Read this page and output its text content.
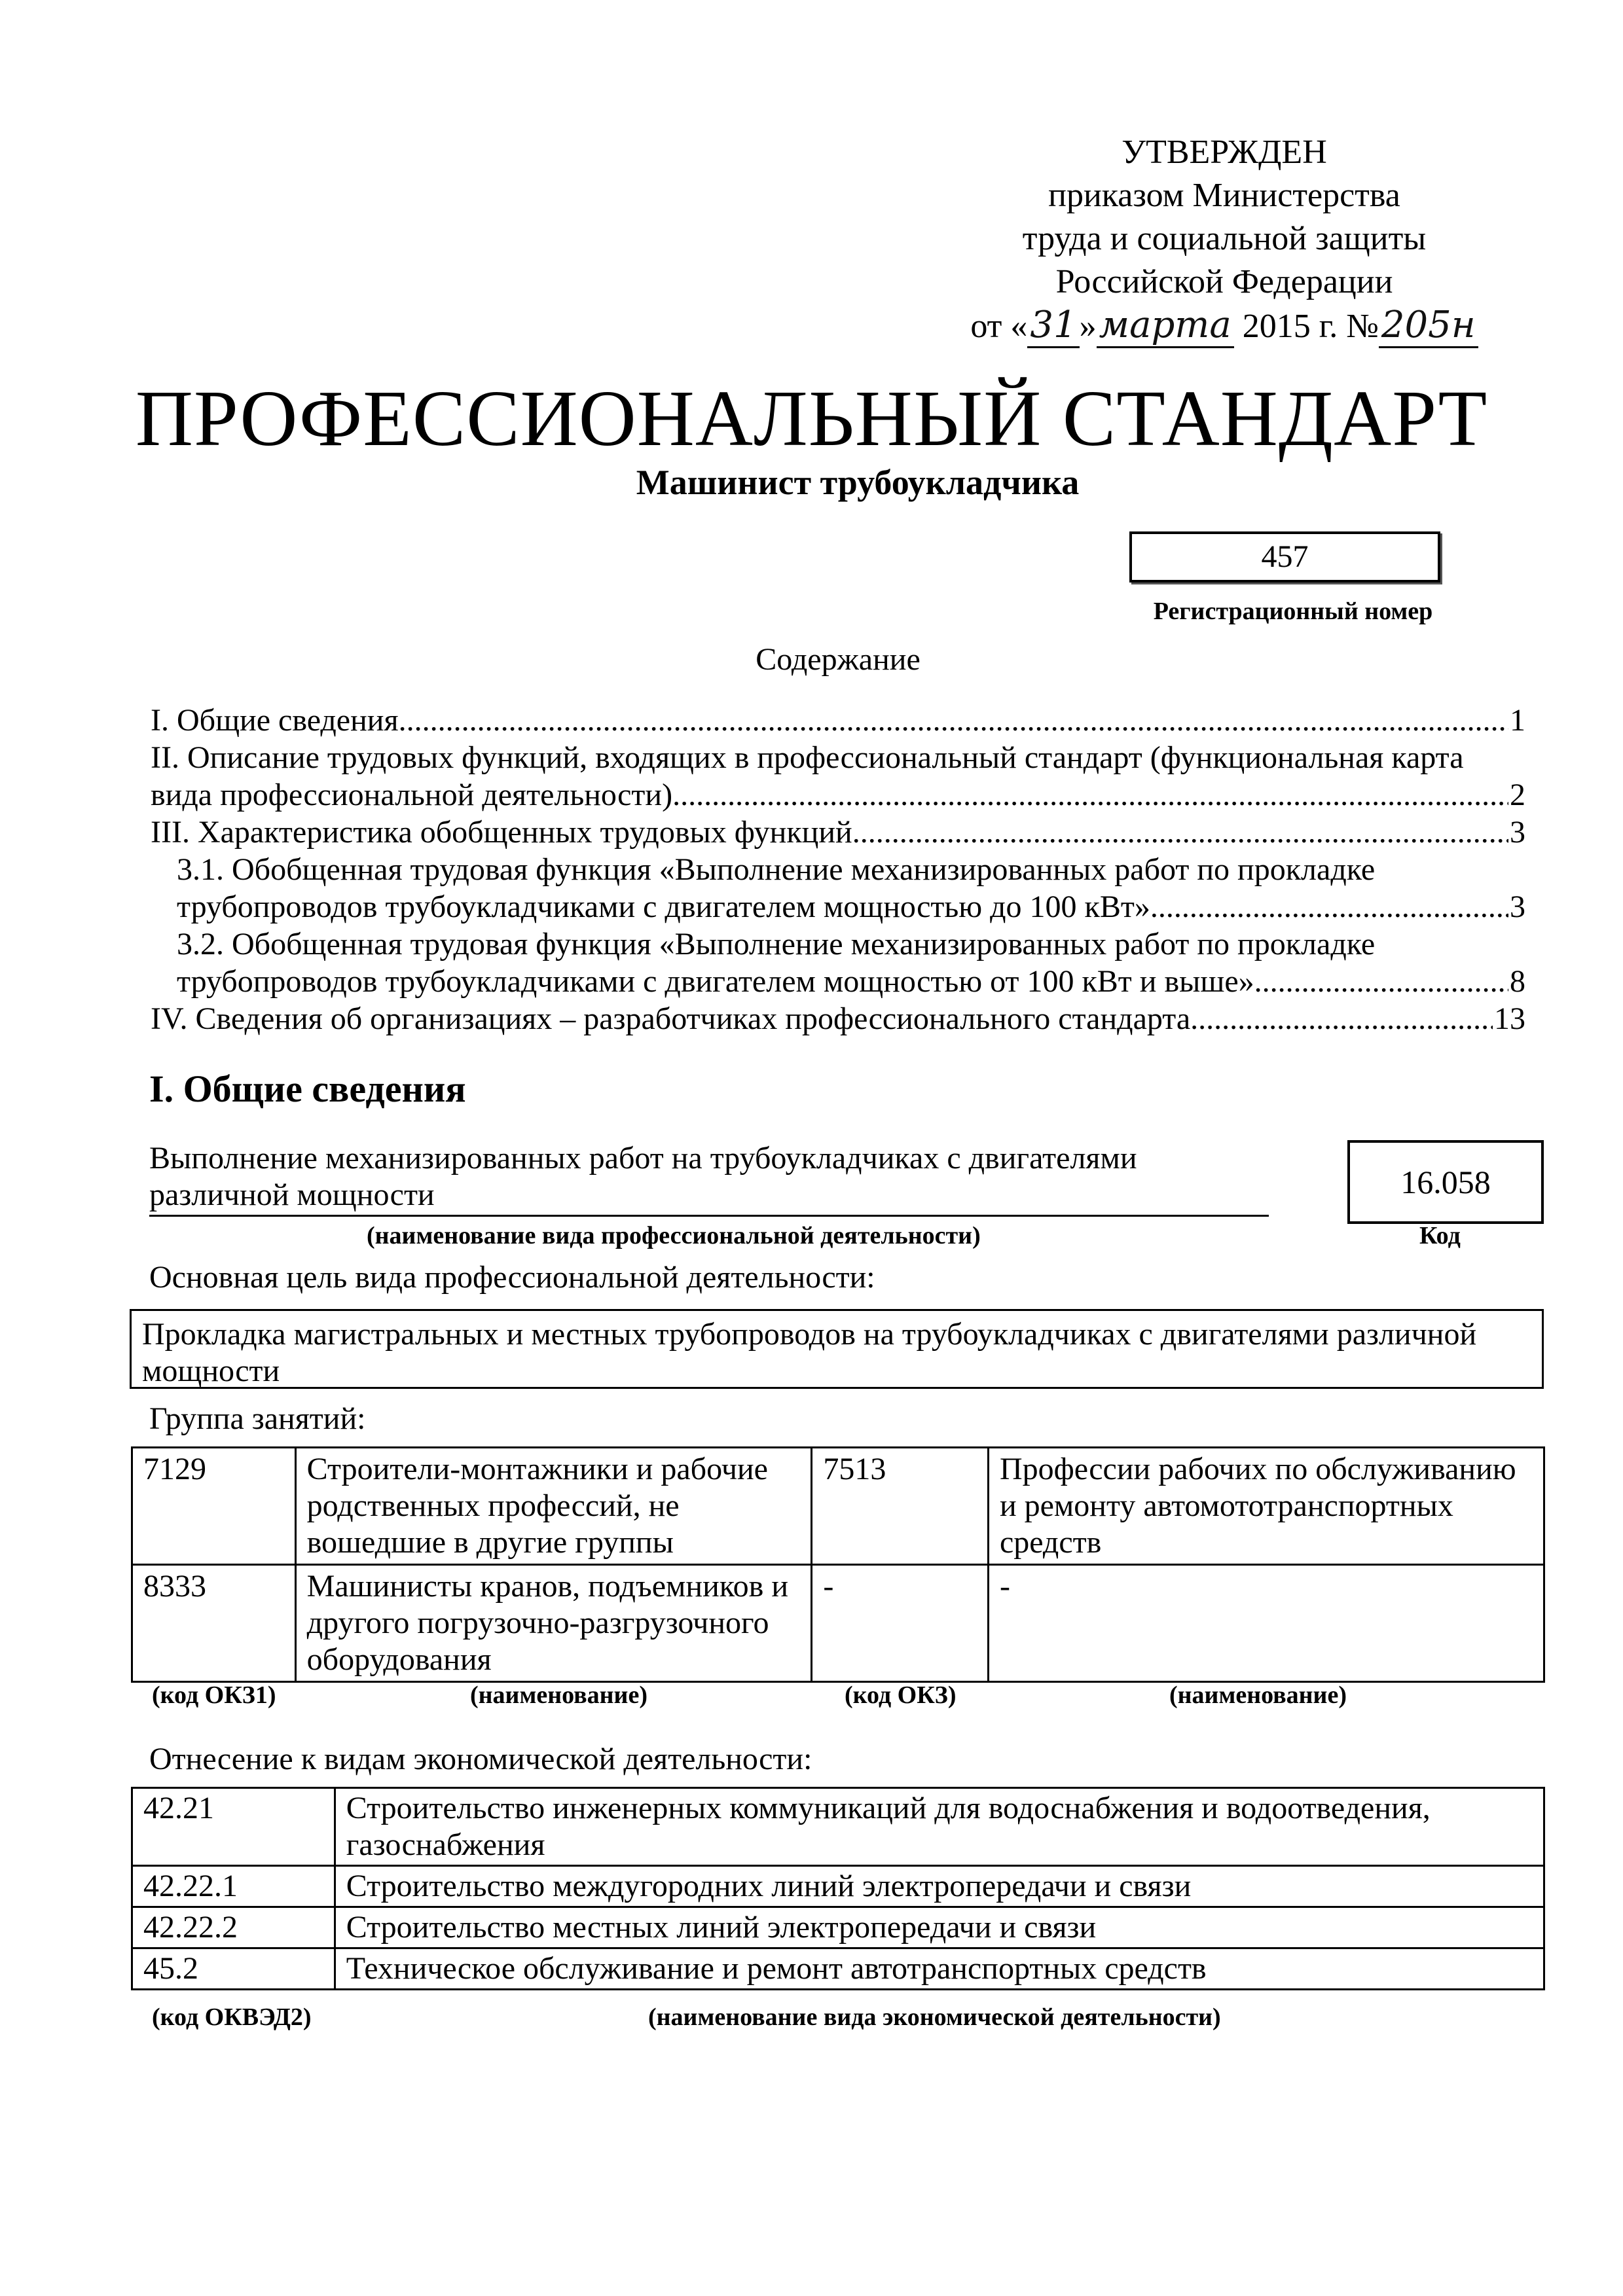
УТВЕРЖДЕН
приказом Министерства
труда и социальной защиты
Российской Федерации
от «31»марта 2015 г. №205н
ПРОФЕССИОНАЛЬНЫЙ СТАНДАРТ
Машинист трубоукладчика
457
Регистрационный номер
Содержание
I. Общие сведения .....	1
II. Описание трудовых функций, входящих в профессиональный стандарт (функциональная карта
вида профессиональной деятельности) .....	2
III. Характеристика обобщенных трудовых функций .....	3
3.1. Обобщенная трудовая функция «Выполнение механизированных работ по прокладке
трубопроводов трубоукладчиками с двигателем мощностью до 100 кВт» .....	3
3.2. Обобщенная трудовая функция «Выполнение механизированных работ по прокладке
трубопроводов трубоукладчиками с двигателем мощностью от 100 кВт и выше» .....	8
IV. Сведения об организациях – разработчиках профессионального стандарта .....	13
I. Общие сведения
Выполнение механизированных работ на трубоукладчиках с двигателями различной мощности	16.058
(наименование вида профессиональной деятельности)	Код
Основная цель вида профессиональной деятельности:
Прокладка магистральных и местных трубопроводов на трубоукладчиках с двигателями различной мощности
Группа занятий:
7129	Строители-монтажники и рабочие родственных профессий, не вошедшие в другие группы	7513	Профессии рабочих по обслуживанию и ремонту автомототранспортных средств
8333	Машинисты кранов, подъемников и другого погрузочно-разгрузочного оборудования	-	-
(код ОКЗ1)	(наименование)	(код ОКЗ)	(наименование)
Отнесение к видам экономической деятельности:
42.21	Строительство инженерных коммуникаций для водоснабжения и водоотведения, газоснабжения
42.22.1	Строительство междугородних линий электропередачи и связи
42.22.2	Строительство местных линий электропередачи и связи
45.2	Техническое обслуживание и ремонт автотранспортных средств
(код ОКВЭД2)	(наименование вида экономической деятельности)
